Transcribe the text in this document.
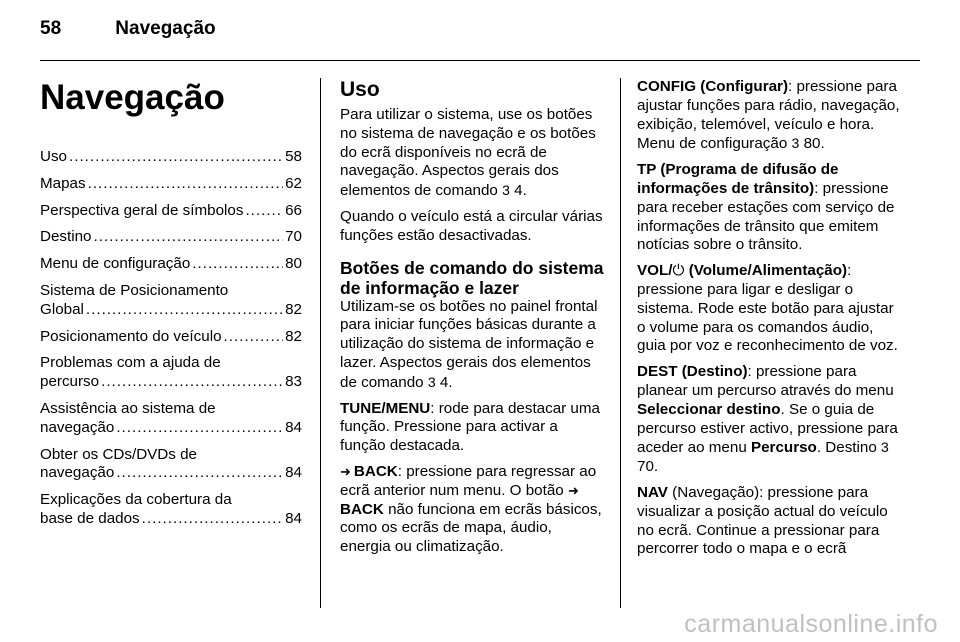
58	Navegação
Navegação
Uso .....	58
Mapas .....	62
Perspectiva geral de símbolos .....	66
Destino .....	70
Menu de configuração .....	80
Sistema de Posicionamento
Global .....	82
Posicionamento do veículo .....	82
Problemas com a ajuda de
percurso .....	83
Assistência ao sistema de
navegação .....	84
Obter os CDs/DVDs de
navegação .....	84
Explicações da cobertura da
base de dados .....	84
Uso

Para utilizar o sistema, use os botões no sistema de navegação e os botões do ecrã disponíveis no ecrã de navegação. Aspectos gerais dos elementos de comando 3 4.

Quando o veículo está a circular várias funções estão desactivadas.

Botões de comando do sistema de informação e lazer

Utilizam-se os botões no painel frontal para iniciar funções básicas durante a utilização do sistema de informação e lazer. Aspectos gerais dos elementos de comando 3 4.

TUNE/MENU: rode para destacar uma função. Pressione para activar a função destacada.

➜ BACK: pressione para regressar ao ecrã anterior num menu. O botão ➜BACK não funciona em ecrãs básicos, como os ecrãs de mapa, áudio, energia ou climatização.

CONFIG (Configurar): pressione para ajustar funções para rádio, navegação, exibição, telemóvel, veículo e hora. Menu de configuração 3 80.

TP (Programa de difusão de informações de trânsito): pressione para receber estações com serviço de informações de trânsito que emitem notícias sobre o trânsito.

VOL/⏻ (Volume/Alimentação): pressione para ligar e desligar o sistema. Rode este botão para ajustar o volume para os comandos áudio, guia por voz e reconhecimento de voz.

DEST (Destino): pressione para planear um percurso através do menu Seleccionar destino. Se o guia de percurso estiver activo, pressione para aceder ao menu Percurso. Destino 3 70.

NAV (Navegação): pressione para visualizar a posição actual do veículo no ecrã. Continue a pressionar para percorrer todo o mapa e o ecrã

carmanualsonline.info
